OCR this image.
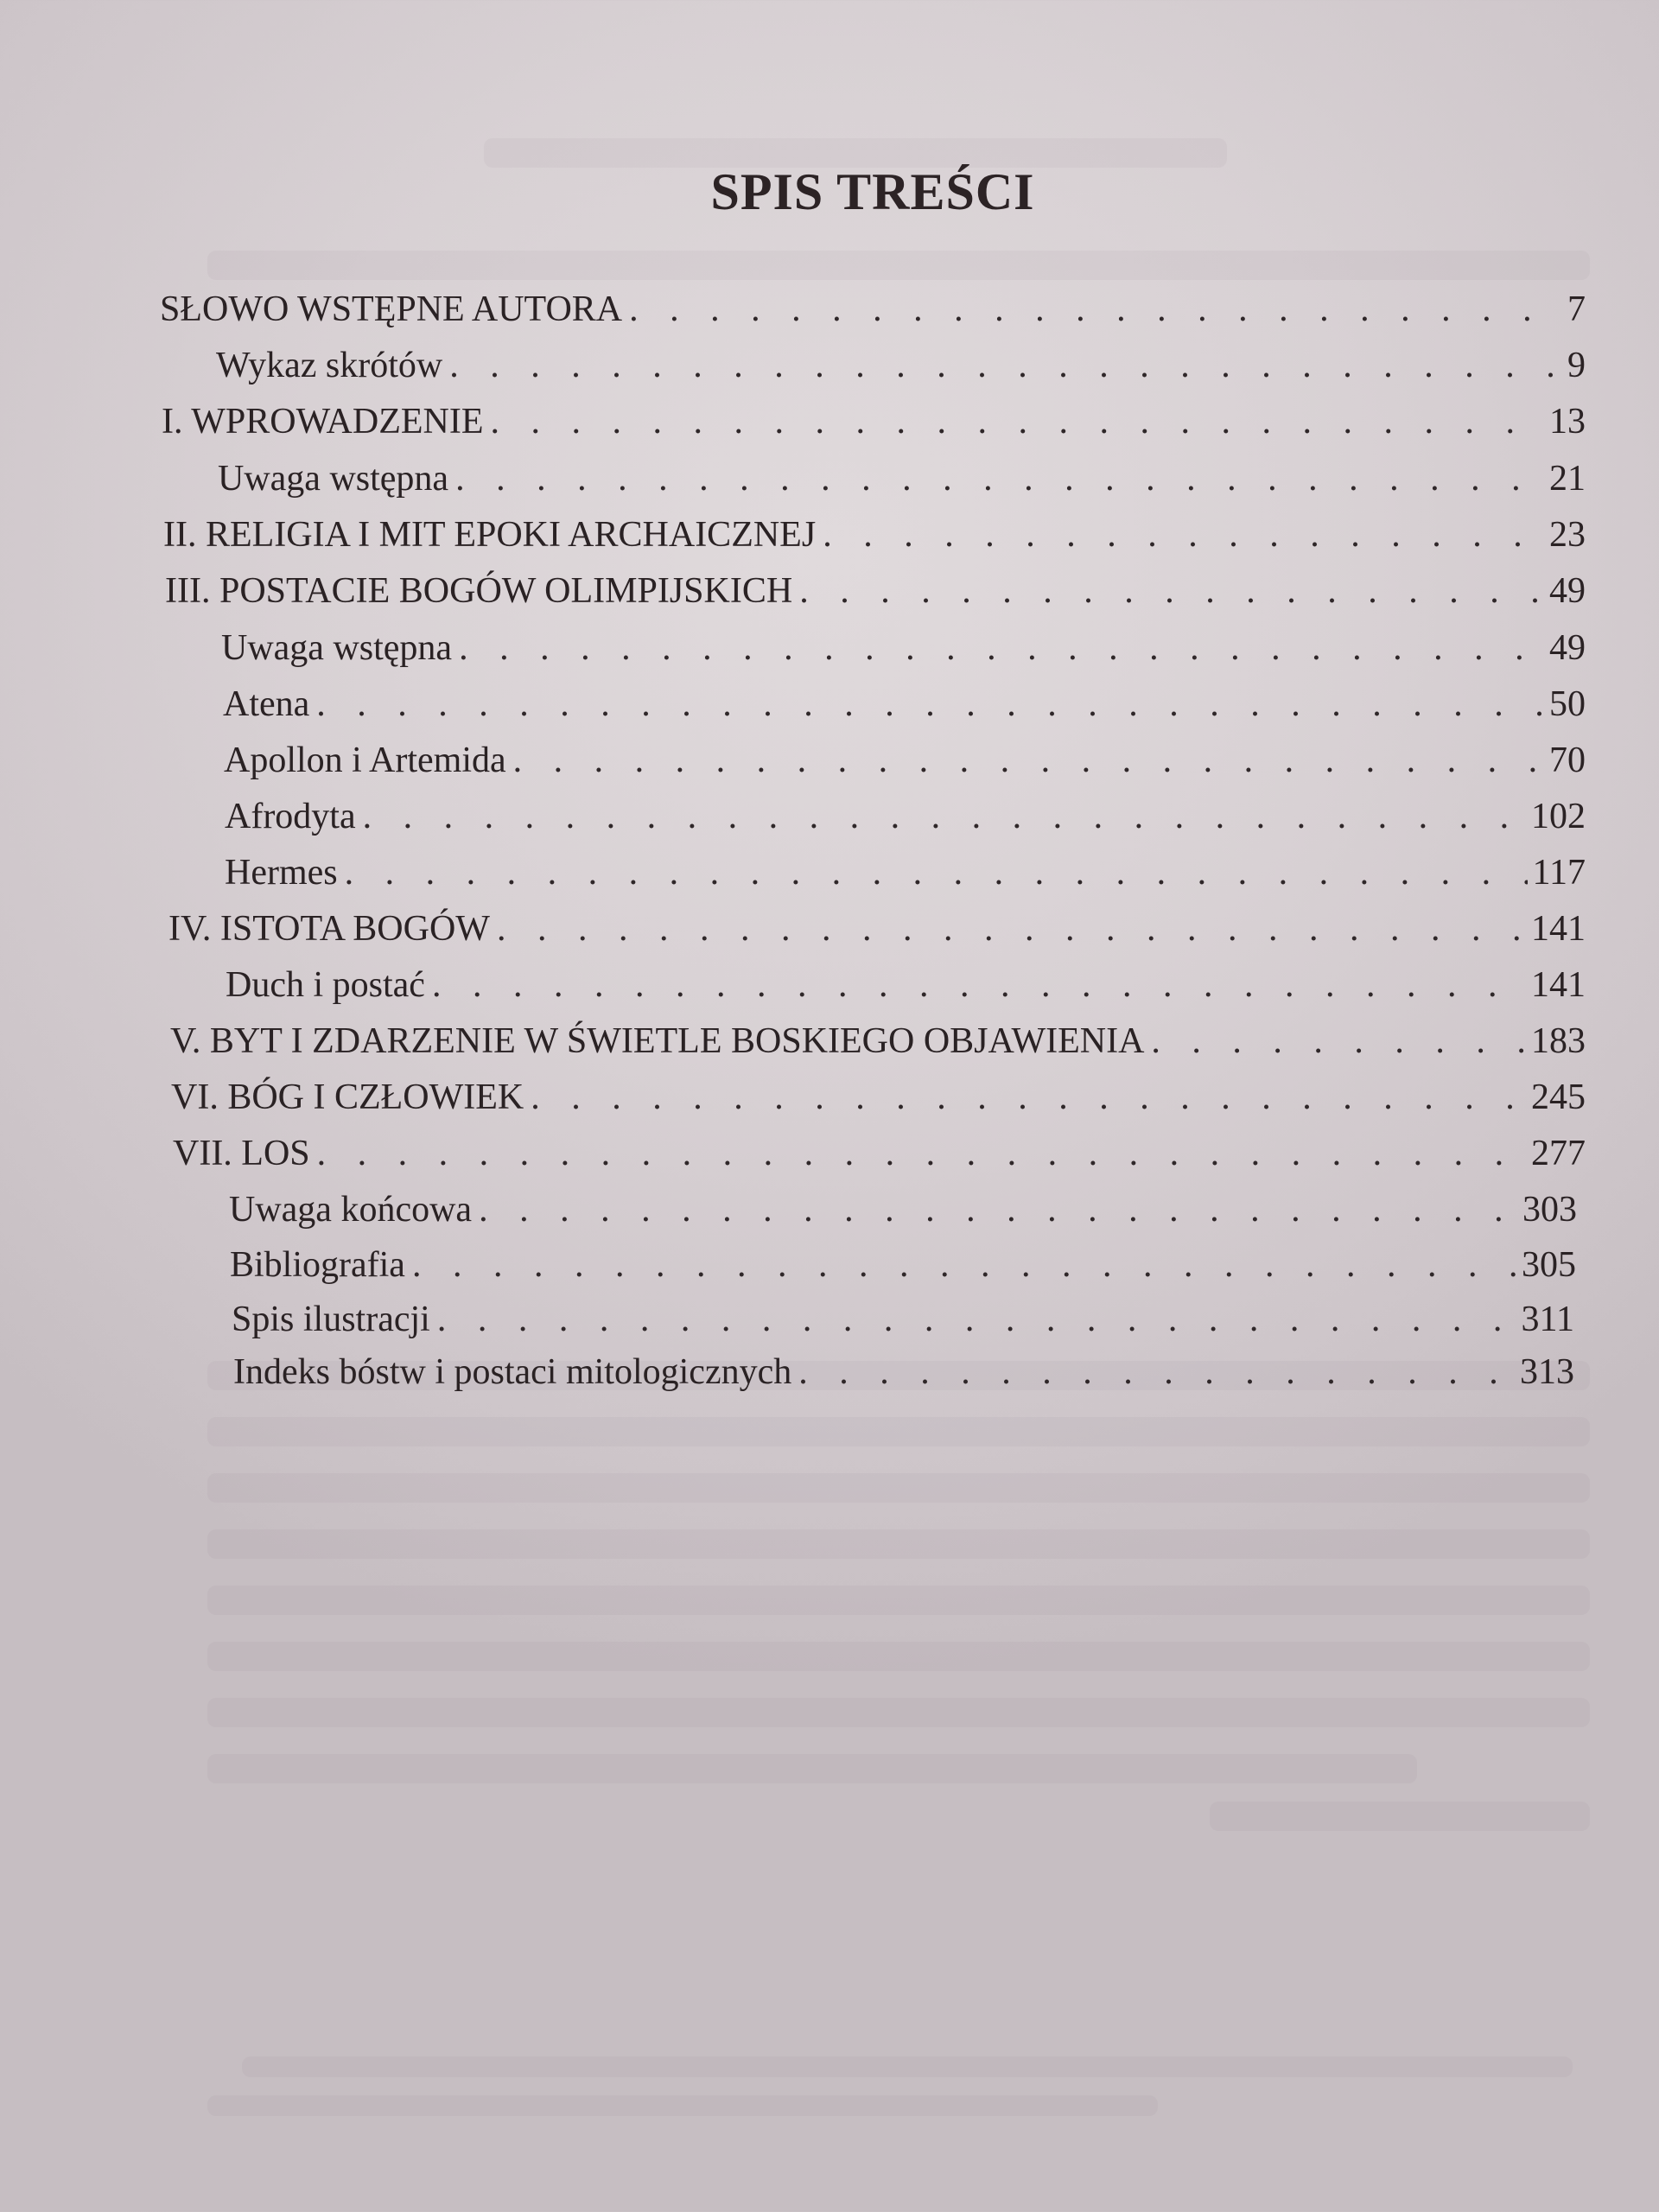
SPIS TREŚCI
SŁOWO WSTĘPNE AUTORA . . .	7
Wykaz skrótów . . .	9
I. WPROWADZENIE . . .	13
Uwaga wstępna . . .	21
II. RELIGIA I MIT EPOKI ARCHAICZNEJ . . .	23
III. POSTACIE BOGÓW OLIMPIJSKICH . . .	49
Uwaga wstępna . . .	49
Atena . . .	50
Apollon i Artemida . . .	70
Afrodyta . . .	102
Hermes . . .	117
IV. ISTOTA BOGÓW . . .	141
Duch i postać . . .	141
V. BYT I ZDARZENIE W ŚWIETLE BOSKIEGO OBJAWIENIA . . .	183
VI. BÓG I CZŁOWIEK . . .	245
VII. LOS . . .	277
Uwaga końcowa . . .	303
Bibliografia . . .	305
Spis ilustracji . . .	311
Indeks bóstw i postaci mitologicznych . . .	313
